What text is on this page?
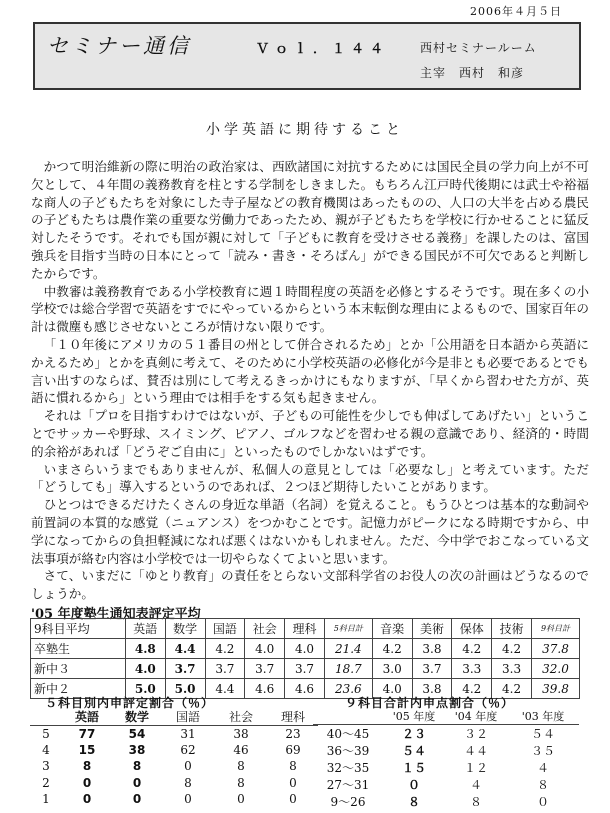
2006年４月５日
セミナー通信	Ｖｏｌ．１４４	西村セミナールーム
主宰　西村　和彦
小学英語に期待すること

かつて明治維新の際に明治の政治家は、西欧諸国に対抗するためには国民全員の学力向上が不可欠として、４年間の義務教育を柱とする学制をしきました。もちろん江戸時代後期には武士や裕福な商人の子どもたちを対象にした寺子屋などの教育機関はあったものの、人口の大半を占める農民の子どもたちは農作業の重要な労働力であったため、親が子どもたちを学校に行かせることに猛反対したそうです。それでも国が親に対して「子どもに教育を受けさせる義務」を課したのは、富国強兵を目指す当時の日本にとって「読み・書き・そろばん」ができる国民が不可欠であると判断したからです。

中教審は義務教育である小学校教育に週１時間程度の英語を必修とするそうです。現在多くの小学校では総合学習で英語をすでにやっているからという本末転倒な理由によるもので、国家百年の計は微塵も感じさせないところが情けない限りです。

「１０年後にアメリカの５１番目の州として併合されるため」とか「公用語を日本語から英語にかえるため」とかを真剣に考えて、そのために小学校英語の必修化が今是非とも必要であるとでも言い出すのならば、賛否は別にして考えるきっかけにもなりますが、「早くから習わせた方が、英語に慣れるから」という理由では相手をする気も起きません。

それは「プロを目指すわけではないが、子どもの可能性を少しでも伸ばしてあげたい」ということでサッカーや野球、スイミング、ピアノ、ゴルフなどを習わせる親の意識であり、経済的・時間的余裕があれば「どうぞご自由に」といったものでしかないはずです。

いまさらいうまでもありませんが、私個人の意見としては「必要なし」と考えています。ただ「どうしても」導入するというのであれば、２つほど期待したいことがあります。

ひとつはできるだけたくさんの身近な単語（名詞）を覚えること。もうひとつは基本的な動詞や前置詞の本質的な感覚（ニュアンス）をつかむことです。記憶力がピークになる時期ですから、中学になってからの負担軽減になれば悪くはないかもしれません。ただ、今中学でおこなっている文法事項が絡む内容は小学校では一切やらなくてよいと思います。

さて、いまだに「ゆとり教育」の責任をとらない文部科学省のお役人の次の計画はどうなるのでしょうか。

'05 年度塾生通知表評定平均
9科目平均	英語	数学	国語	社会	理科	5科目計	音楽	美術	保体	技術	9科目計
卒塾生	4.8	4.4	4.2	4.0	4.0	21.4	4.2	3.8	4.2	4.2	37.8
新中３	4.0	3.7	3.7	3.7	3.7	18.7	3.0	3.7	3.3	3.3	32.0
新中２	5.0	5.0	4.4	4.6	4.6	23.6	4.0	3.8	4.2	4.2	39.8
５科目別内申評定割合（％）
	英語	数学	国語	社会	理科
5	77	54	31	38	23
4	15	38	62	46	69
3	8	8	0	8	8
2	0	0	8	8	0
1	0	0	0	0	0
９科目合計内申点割合（％）
	'05 年度	'04 年度	'03 年度
40～45	２３	３２	５４
36～39	５４	４４	３５
32～35	１５	１２	４
27～31	０	４	８
9～26	８	８	０
